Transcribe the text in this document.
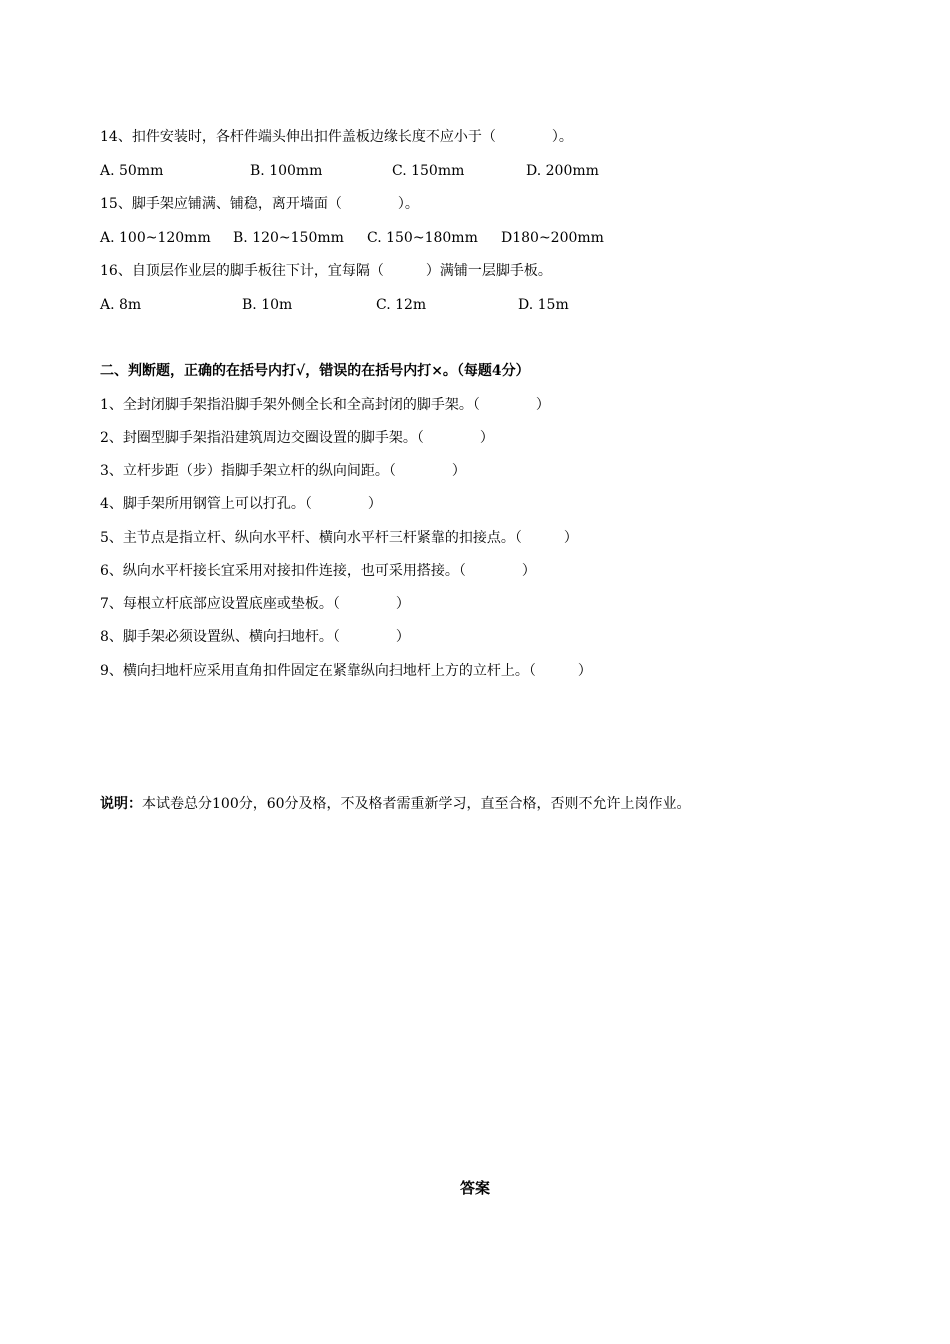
14、扣件安装时，各杆件端头伸出扣件盖板边缘长度不应小于（　　　　）。
A. 50mm	B. 100mm	C. 150mm	D. 200mm
15、脚手架应铺满、铺稳，离开墙面（　　　　）。
A. 100~120mm B. 120~150mm C. 150~180mm D180~200mm
16、自顶层作业层的脚手板往下计，宜每隔（　　　）满铺一层脚手板。
A. 8m	B. 10m	C. 12m	D. 15m
二、判断题，正确的在括号内打√，错误的在括号内打×。（每题4分）
1、全封闭脚手架指沿脚手架外侧全长和全高封闭的脚手架。（　　　　）
2、封圈型脚手架指沿建筑周边交圈设置的脚手架。（　　　　）
3、立杆步距（步）指脚手架立杆的纵向间距。（　　　　）
4、脚手架所用钢管上可以打孔。（　　　　）
5、主节点是指立杆、纵向水平杆、横向水平杆三杆紧靠的扣接点。（　　　）
6、纵向水平杆接长宜采用对接扣件连接，也可采用搭接。（　　　　）
7、每根立杆底部应设置底座或垫板。（　　　　）
8、脚手架必须设置纵、横向扫地杆。（　　　　）
9、横向扫地杆应采用直角扣件固定在紧靠纵向扫地杆上方的立杆上。（　　　）
说明：本试卷总分100分，60分及格，不及格者需重新学习，直至合格，否则不允许上岗作业。
答案
